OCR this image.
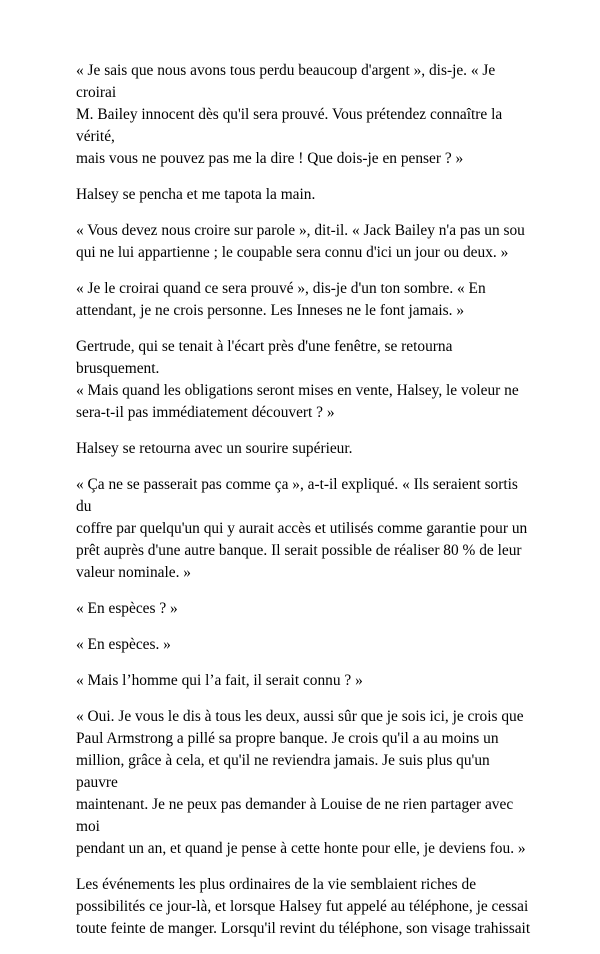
« Je sais que nous avons tous perdu beaucoup d'argent », dis-je. « Je croirai
M. Bailey innocent dès qu'il sera prouvé. Vous prétendez connaître la vérité,
mais vous ne pouvez pas me la dire ! Que dois-je en penser ? »

Halsey se pencha et me tapota la main.

« Vous devez nous croire sur parole », dit-il. « Jack Bailey n'a pas un sou
qui ne lui appartienne ; le coupable sera connu d'ici un jour ou deux. »

« Je le croirai quand ce sera prouvé », dis-je d'un ton sombre. « En
attendant, je ne crois personne. Les Inneses ne le font jamais. »

Gertrude, qui se tenait à l'écart près d'une fenêtre, se retourna brusquement.
« Mais quand les obligations seront mises en vente, Halsey, le voleur ne
sera-t-il pas immédiatement découvert ? »

Halsey se retourna avec un sourire supérieur.

« Ça ne se passerait pas comme ça », a-t-il expliqué. « Ils seraient sortis du
coffre par quelqu'un qui y aurait accès et utilisés comme garantie pour un
prêt auprès d'une autre banque. Il serait possible de réaliser 80 % de leur
valeur nominale. »

« En espèces ? »

« En espèces. »

« Mais l’homme qui l’a fait, il serait connu ? »

« Oui. Je vous le dis à tous les deux, aussi sûr que je sois ici, je crois que
Paul Armstrong a pillé sa propre banque. Je crois qu'il a au moins un
million, grâce à cela, et qu'il ne reviendra jamais. Je suis plus qu'un pauvre
maintenant. Je ne peux pas demander à Louise de ne rien partager avec moi
pendant un an, et quand je pense à cette honte pour elle, je deviens fou. »

Les événements les plus ordinaires de la vie semblaient riches de
possibilités ce jour-là, et lorsque Halsey fut appelé au téléphone, je cessai
toute feinte de manger. Lorsqu'il revint du téléphone, son visage trahissait
